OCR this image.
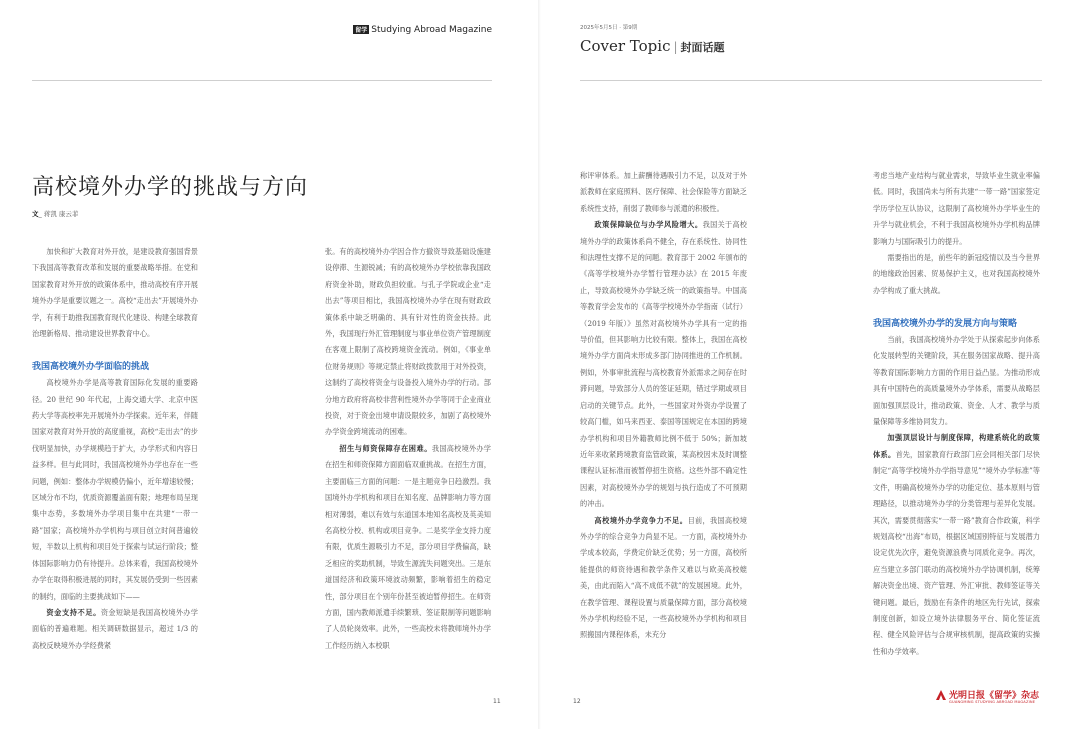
留学 Studying Abroad Magazine
高校境外办学的挑战与方向
文_ 蒋凯 康云菲

加快和扩大教育对外开放，是建设教育强国背景下我国高等教育改革和发展的重要战略举措。在党和国家教育对外开放的政策体系中，推动高校有序开展境外办学是重要议题之一。高校“走出去”开展境外办学，有利于助推我国教育现代化建设、构建全球教育治理新格局、推动建设世界教育中心。

我国高校境外办学面临的挑战

高校境外办学是高等教育国际化发展的重要路径。20 世纪 90 年代起，上海交通大学、北京中医药大学等高校率先开展境外办学探索。近年来，伴随国家对教育对外开放的高度重视，高校“走出去”的步伐明显加快，办学规模趋于扩大，办学形式和内容日益多样。但与此同时，我国高校境外办学也存在一些问题，例如：整体办学规模仍偏小，近年增速较慢；区域分布不均，优质资源覆盖面有限；地理布局呈现集中态势，多数境外办学项目集中在共建“一带一路”国家；高校境外办学机构与项目创立时间普遍较短，半数以上机构和项目处于探索与试运行阶段；整体国际影响力仍有待提升。总体来看，我国高校境外办学在取得积极进展的同时，其发展仍受到一些因素的制约，面临的主要挑战如下——

资金支持不足。资金短缺是我国高校境外办学面临的普遍难题。相关调研数据显示，超过 1/3 的高校反映境外办学经费紧

张。有的高校境外办学因合作方撤资导致基础设施建设停滞、生源锐减；有的高校境外办学校依靠我国政府资金补助，财政负担较重。与孔子学院或企业“走出去”等项目相比，我国高校境外办学在现有财政政策体系中缺乏明确的、具有针对性的资金扶持。此外，我国现行外汇管理制度与事业单位资产管理制度在客观上限制了高校跨境资金流动。例如，《事业单位财务规则》等规定禁止将财政拨款用于对外投资，这制约了高校将资金与设备投入境外办学的行动。部分地方政府将高校非营利性境外办学等同于企业商业投资，对于资金出境申请设限较多，加剧了高校境外办学资金跨境流动的困难。

招生与师资保障存在困难。我国高校境外办学在招生和师资保障方面面临双重挑战。在招生方面，主要面临三方面的问题：一是主题竞争日趋激烈。我国境外办学机构和项目在知名度、品牌影响力等方面相对薄弱，难以有效与东道国本地知名高校及英美知名高校分校、机构或项目竞争。二是奖学金支持力度有限，优质生源吸引力不足，部分项目学费偏高，缺乏相应的奖助机制，导致生源流失问题突出。三是东道国经济和政策环境波动频繁，影响着招生的稳定性，部分项目在个别年份甚至被迫暂停招生。在师资方面，国内教师派遣手续繁琐、签证限制等问题影响了人员轮岗效率。此外，一些高校未将教师境外办学工作经历纳入本校职

11
2025年5月5日 · 第9期
Cover Topic | 封面话题

称评审体系。加上薪酬待遇吸引力不足，以及对于外派教师在家庭照料、医疗保障、社会保险等方面缺乏系统性支持，削弱了教师参与派遣的积极性。

政策保障缺位与办学风险增大。我国关于高校境外办学的政策体系尚不健全，存在系统性、协同性和法理性支撑不足的问题。教育部于 2002 年颁布的《高等学校境外办学暂行管理办法》在 2015 年废止，导致高校境外办学缺乏统一的政策指导。中国高等教育学会发布的《高等学校境外办学指南（试行）（2019 年版）》虽然对高校境外办学具有一定的指导价值，但其影响力比较有限。整体上，我国在高校境外办学方面尚未形成多部门协同推进的工作机制。例如，外事审批流程与高校教育外派需求之间存在时滞问题，导致部分人员的签证延期，错过学期或项目启动的关键节点。此外，一些国家对外资办学设置了较高门槛，如马来西亚、泰国等国规定在本国的跨境办学机构和项目外籍教师比例不低于 50%；新加坡近年来收紧跨境教育监管政策，某高校因未及时调整课程认证标准而被暂停招生资格。这些外部不确定性因素，对高校境外办学的规划与执行造成了不可预期的冲击。

高校境外办学竞争力不足。目前，我国高校境外办学的综合竞争力尚显不足。一方面，高校境外办学成本较高，学费定价缺乏优势；另一方面，高校所能提供的师资待遇和教学条件又难以与欧美高校媲美，由此而陷入“高不成低不就”的发展困境。此外，在教学管理、课程设置与质量保障方面，部分高校境外办学机构经验不足，一些高校境外办学机构和项目照搬国内课程体系，未充分

考虑当地产业结构与就业需求，导致毕业生就业率偏低。同时，我国尚未与所有共建“一带一路”国家签定学历学位互认协议，这限制了高校境外办学毕业生的升学与就业机会，不利于我国高校境外办学机构品牌影响力与国际吸引力的提升。

需要指出的是，前些年的新冠疫情以及当今世界的地缘政治因素、贸易保护主义，也对我国高校境外办学构成了重大挑战。

我国高校境外办学的发展方向与策略

当前，我国高校境外办学处于从探索起步向体系化发展转型的关键阶段，其在服务国家战略、提升高等教育国际影响力方面的作用日益凸显。为推动形成具有中国特色的高质量境外办学体系，需要从战略层面加强顶层设计，推动政策、资金、人才、教学与质量保障等多维协同发力。

加强顶层设计与制度保障，构建系统化的政策体系。首先，国家教育行政部门应会同相关部门尽快制定“高等学校境外办学指导意见”“境外办学标准”等文件，明确高校境外办学的功能定位、基本原则与管理路径，以推动境外办学的分类管理与差异化发展。其次，需要贯彻落实“一带一路”教育合作政策，科学规划高校“出海”布局，根据区域国别特征与发展潜力设定优先次序，避免资源浪费与同质化竞争。再次，应当建立多部门联动的高校境外办学协调机制，统筹解决资金出境、资产管理、外汇审批、教师签证等关键问题。最后，鼓励在有条件的地区先行先试，探索制度创新，如设立境外法律服务平台、简化签证流程、健全风险评估与合规审核机制，提高政策的实操性和办学效率。

12
光明日报《留学》杂志
GUANGMING STUDYING ABROAD MAGAZINE
